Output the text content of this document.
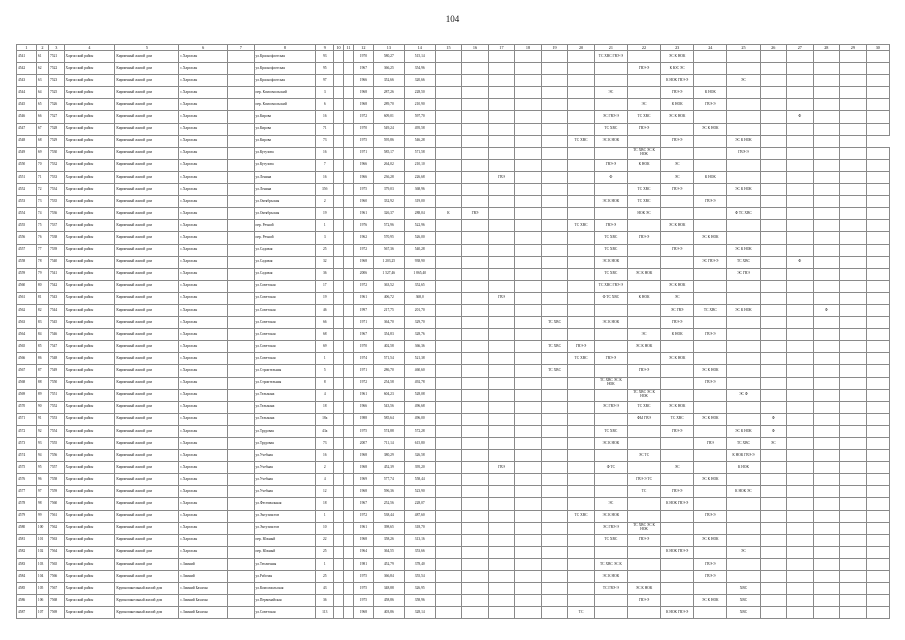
104
1	2	3	4	5	6	7	8	9	10	11	12	13	14	15	16	17	18	19	20	21	22	23	24	25	26	27	28	29	30
4541	61	7521	Харгасский район	Кирпичный жилой дом	с.Харгасан		ул.Краснофлотская	93			1970	580,27	515,14							ТС ХВС ГВЭ-Э		ЭС К НОК							
4542	62	7522	Харгасский район	Кирпичный жилой дом	с.Харгасан		ул.Краснофлотская	95			1967	366,25	354,96								ГВЭ-Э	К ЮС ЭС							
4543	63	7523	Харгасский район	Кирпичный жилой дом	с.Харгасан		ул.Краснофлотская	97			1966	352,66	320,66									К НОК ГВЭ-Э		ЭС					
4544	64	7525	Харгасский район	Кирпичный жилой дом	с.Харгасан		пер. Комсомольский	3			1968	287,26	228,50							ЭС		ГВЭ-Э	К НОК						
4545	65	7526	Харгасский район	Кирпичный жилой дом	с.Харгасан		пер. Комсомольский	6			1968	289,70	210,90								ЭС	К НОК	ГВЭ-Э						
4546	66	7527	Харгасский район	Кирпичный жилой дом	с.Харгасан		ул.Кирова	16			1972	609,01	597,70							ЭС ГВЭ-Э	ТС ХВС	ЭС К НОК				Ф			
4547	67	7528	Харгасский район	Кирпичный жилой дом	с.Харгасан		ул.Кирова	71			1970	549,24	495,58							ТС ХВС	ГВЭ-Э		ЭС К НОК						
4548	68	7529	Харгасский район	Кирпичный жилой дом	с.Харгасан		ул.Кирова	73			1975	595,86	546,28						ТС ХВС	ЭС К НОК		ГВЭ-Э		ЭС К НОК					
4549	69	7530	Харгасский район	Кирпичный жилой дом	с.Харгасан		ул.Кутузова	16			1971	585,17	571,58								ТС ХВС ЭС К НОК			ГВЭ-Э					
4550	70	7532	Харгасский район	Кирпичный жилой дом	с.Харгасан		ул.Кутузова	7			1966	264,02	210,10							ГВЭ-Э	К НОК	ЭС							
4551	71	7533	Харгасский район	Кирпичный жилой дом	с.Харгасан		ул.Ленина	16			1966	236,28	226,68			ГВЭ				Ф		ЭС	К НОК						
4552	72	7534	Харгасский район	Кирпичный жилой дом	с.Харгасан		ул.Ленина	35б			1975	379,03	368,96								ТС ХВС	ГВЭ-Э		ЭС К НОК					
4553	73	7535	Харгасский район	Кирпичный жилой дом	с.Харгасан		ул.Октябрьская	2			1960	332,92	319,00							ЭС К НОК	ТС ХВС		ГВЭ-Э						
4554	74	7536	Харгасский район	Кирпичный жилой дом	с.Харгасан		ул.Октябрьская	19			1961	326,37	288,04	К	ГВЭ						НОК ЭС			Ф ТС ХВС					
4555	75	7537	Харгасский район	Кирпичный жилой дом	с.Харгасан		пер. Речной	1			1976	572,96	522,96						ТС ХВС	ГВЭ-Э		ЭС К НОК							
4556	76	7538	Харгасский район	Кирпичный жилой дом	с.Харгасан		пер. Речной	3			1962	570,95	526,00							ТС ХВС	ГВЭ-Э		ЭС К НОК						
4557	77	7539	Харгасский район	Кирпичный жилой дом	с.Харгасан		ул.Садовая	25			1972	567,36	540,28							ТС ХВС		ГВЭ-Э		ЭС К НОК					
4558	78	7540	Харгасский район	Кирпичный жилой дом	с.Харгасан		ул.Садовая	32			1968	1 203,25	938,90							ЭС К НОК			ЭС ГВЭ-Э	ТС ХВС		Ф			
4559	79	7541	Харгасский район	Кирпичный жилой дом	с.Харгасан		ул.Садовая	36			2006	1 527,46	1 865,40							ТС ХВС	ЭС К НОК			ЭС ГВЭ					
4560	80	7542	Харгасский район	Кирпичный жилой дом	с.Харгасан		ул.Советская	17			1972	363,52	352,65							ТС ХВС ГВЭ-Э		ЭС К НОК							
4561	81	7543	Харгасский район	Кирпичный жилой дом	с.Харгасан		ул.Советская	19			1961	406,72	368,0			ГВЭ				Ф ТС ХВС	К НОК	ЭС							
4562	82	7544	Харгасский район	Кирпичный жилой дом	с.Харгасан		ул.Советская	46			1997	217,75	201,70									ЭС ГВЭ	ТС ХВС	ЭС К НОК			Ф		
4563	83	7545	Харгасский район	Кирпичный жилой дом	с.Харгасан		ул.Советская	66			1971	364,70	329,70					ТС ХВС		ЭС К НОК		ГВЭ-Э							
4564	84	7546	Харгасский район	Кирпичный жилой дом	с.Харгасан		ул.Советская	68			1967	354,83	328,76								ЭС	К НОК	ГВЭ-Э						
4565	85	7547	Харгасский район	Кирпичный жилой дом	с.Харгасан		ул.Советская	69			1970	402,58	366,36					ТС ХВС	ГВЭ-Э		ЭС К НОК								
4566	86	7548	Харгасский район	Кирпичный жилой дом	с.Харгасан		ул.Советская	1			1974	571,54	521,38						ТС ХВС	ГВЭ-Э		ЭС К НОК							
4567	87	7549	Харгасский район	Кирпичный жилой дом	с.Харгасан		ул.Строительная	5			1971	286,70	460,60					ТС ХВС			ГВЭ-Э		ЭС К НОК						
4568	88	7550	Харгасский район	Кирпичный жилой дом	с.Харгасан		ул.Строительная	8			1972	254,58	492,78							ТС ХВС ЭС К НОК			ГВЭ-Э						
4569	89	7551	Харгасский район	Кирпичный жилой дом	с.Харгасан		ул.Тельмана	4			1961	604,23	528,08								ТС ХВС ЭС К НОК			ЭС Ф					
4570	90	7552	Харгасский район	Кирпичный жилой дом	с.Харгасан		ул.Тельмана	18			1966	543,56	496,68							ЭС ГВЭ-Э	ТС ХВС	ЭС К НОК							
4571	91	7553	Харгасский район	Кирпичный жилой дом	с.Харгасан		ул.Тельмана	18а			1988	585,64	496,00								ФЫ ГВЭ	ТС ХВС	ЭС К НОК		Ф				
4572	92	7554	Харгасский район	Кирпичный жилой дом	с.Харгасан		ул.Трудовая	43а			1975	574,88	572,28							ТС ХВС		ГВЭ-Э		ЭС К НОК	Ф				
4573	93	7555	Харгасский район	Кирпичный жилой дом	с.Харгасан		ул.Трудовая	73			2007	711,14	615,80							ЭС К НОК			ГВЭ	ТС ХВС	ЭС				
4574	94	7556	Харгасский район	Кирпичный жилой дом	с.Харгасан		ул.Учебная	16			1968	380,29	326,58								ЭС ТС			К НОК ГВЭ-Э					
4575	95	7557	Харгасский район	Кирпичный жилой дом	с.Харгасан		ул.Учебная	2			1968	452,39	395,20			ГВЭ				Ф ТС		ЭС		К НОК					
4576	96	7558	Харгасский район	Кирпичный жилой дом	с.Харгасан		ул.Учебная	4			1969	577,74	558,44								ГВЭ-Э ТС		ЭС К НОК						
4577	97	7559	Харгасский район	Кирпичный жилой дом	с.Харгасан		ул.Учебная	12			1968	596,36	523,90								ТС	ГВЭ-Э		К НОК ЭС					
4578	98	7560	Харгасский район	Кирпичный жилой дом	с.Харгасан		ул.Фестивальная	18			1967	252,56	228,07							ЭС		К НОК ГВЭ-Э							
4579	99	7561	Харгасский район	Кирпичный жилой дом	с.Харгасан		ул.Энтузиастов	1			1972	538,44	487,60						ТС ХВС	ЭС К НОК			ГВЭ-Э						
4580	100	7562	Харгасский район	Кирпичный жилой дом	с.Харгасан		ул.Энтузиастов	10			1961	398,65	318,70							ЭС ГВЭ-Э	ТС ХВС ЭС К НОК								
4581	101	7563	Харгасский район	Кирпичный жилой дом	с.Харгасан		пер. Южный	22			1968	358,26	313,16							ТС ХВС	ГВЭ-Э		ЭС К НОК						
4582	102	7564	Харгасский район	Кирпичный жилой дом	с.Харгасан		пер. Южный	25			1964	364,55	353,66									К НОК ГВЭ-Э		ЭС					
4583	103	7565	Харгасский район	Кирпичный жилой дом	с.Зимний		ул.Тепличная	1			1981	452,79	378,40							ТС ХВС ЭС К			ГВЭ-Э						
4584	104	7566	Харгасский район	Кирпичный жилой дом	с.Зимний		ул.Рабочая	25			1975	366,84	355,54							ЭС К НОК			ГВЭ-Э						
4585	105	7567	Харгасский район	Крупнопанельный жилой дом	с.Зимний Бахаган		ул.Комсомольская	43			1975	348,88	326,95							ТС ГВЭ-Э	ЭС К НОК			ХВС					
4586	106	7568	Харгасский район	Крупнопанельный жилой дом	с.Зимний Бахаган		ул.Первомайская	36			1975	458,86	358,96								ГВЭ-Э		ЭС К НОК	ХВС					
4587	107	7569	Харгасский район	Крупнопанельный жилой дом	с.Зимний Бахаган		ул.Советская	113			1968	403,86	328,14						ТС			К НОК ГВЭ-Э		ХВС					
